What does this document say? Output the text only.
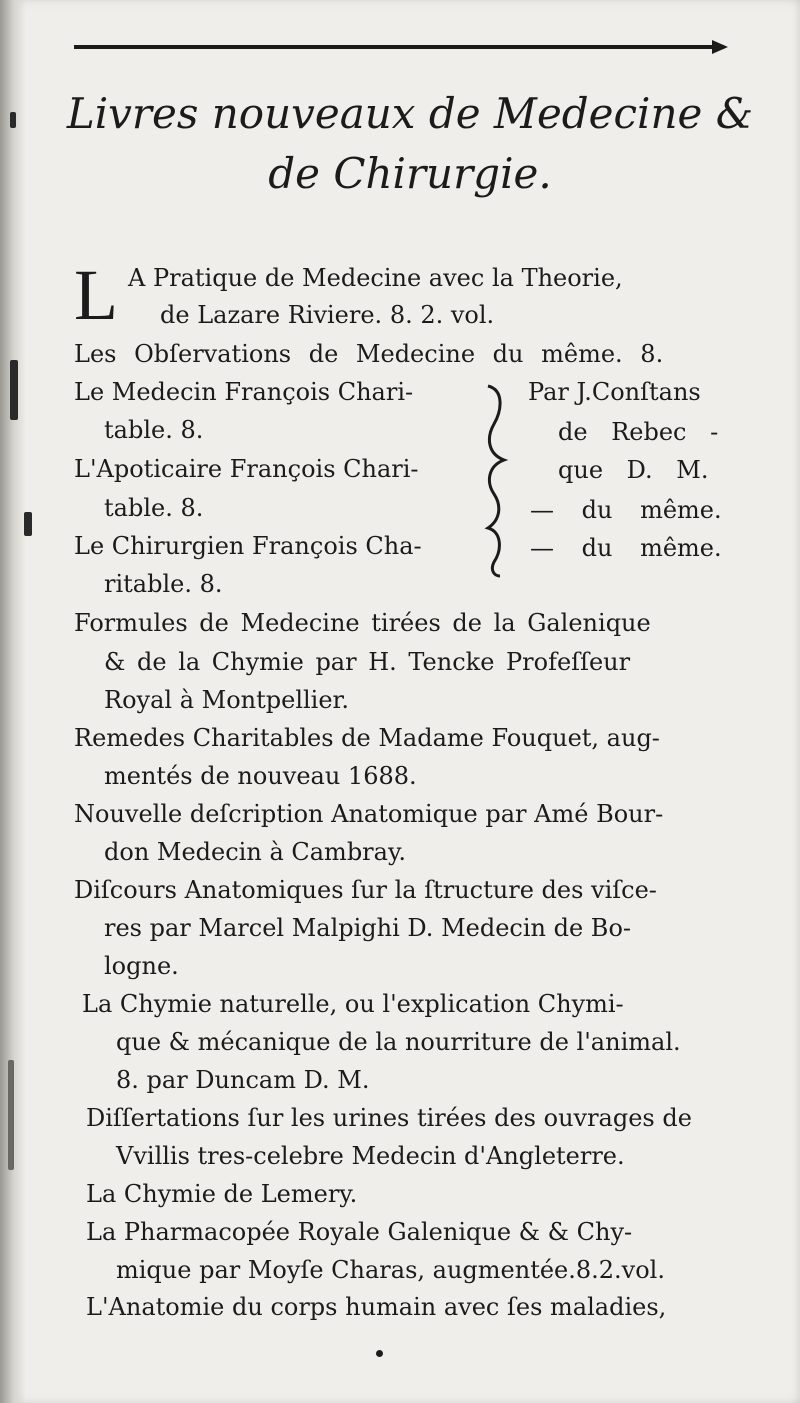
Livres nouveaux de Medecine &
de Chirurgie.
L A Pratique de Medecine avec la Theorie,
de Lazare Riviere. 8. 2. vol.
Les Obſervations de Medecine du même. 8.
Le Medecin François Chari-
table. 8.
L'Apoticaire François Chari-
table. 8.
Le Chirurgien François Cha-
ritable. 8.
Par J.Conſtans
de Rebec -
que D. M.
— du même.
— du même.
Formules de Medecine tirées de la Galenique
& de la Chymie par H. Tencke Profeſſeur
Royal à Montpellier.
Remedes Charitables de Madame Fouquet, aug-
mentés de nouveau 1688.
Nouvelle deſcription Anatomique par Amé Bour-
don Medecin à Cambray.
Diſcours Anatomiques ſur la ſtructure des viſce-
res par Marcel Malpighi D. Medecin de Bo-
logne.
La Chymie naturelle, ou l'explication Chymi-
que & mécanique de la nourriture de l'animal.
8. par Duncam D. M.
Diſſertations ſur les urines tirées des ouvrages de
Vvillis tres-celebre Medecin d'Angleterre.
La Chymie de Lemery.
La Pharmacopée Royale Galenique & & Chy-
mique par Moyſe Charas, augmentée.8.2.vol.
L'Anatomie du corps humain avec ſes maladies,
